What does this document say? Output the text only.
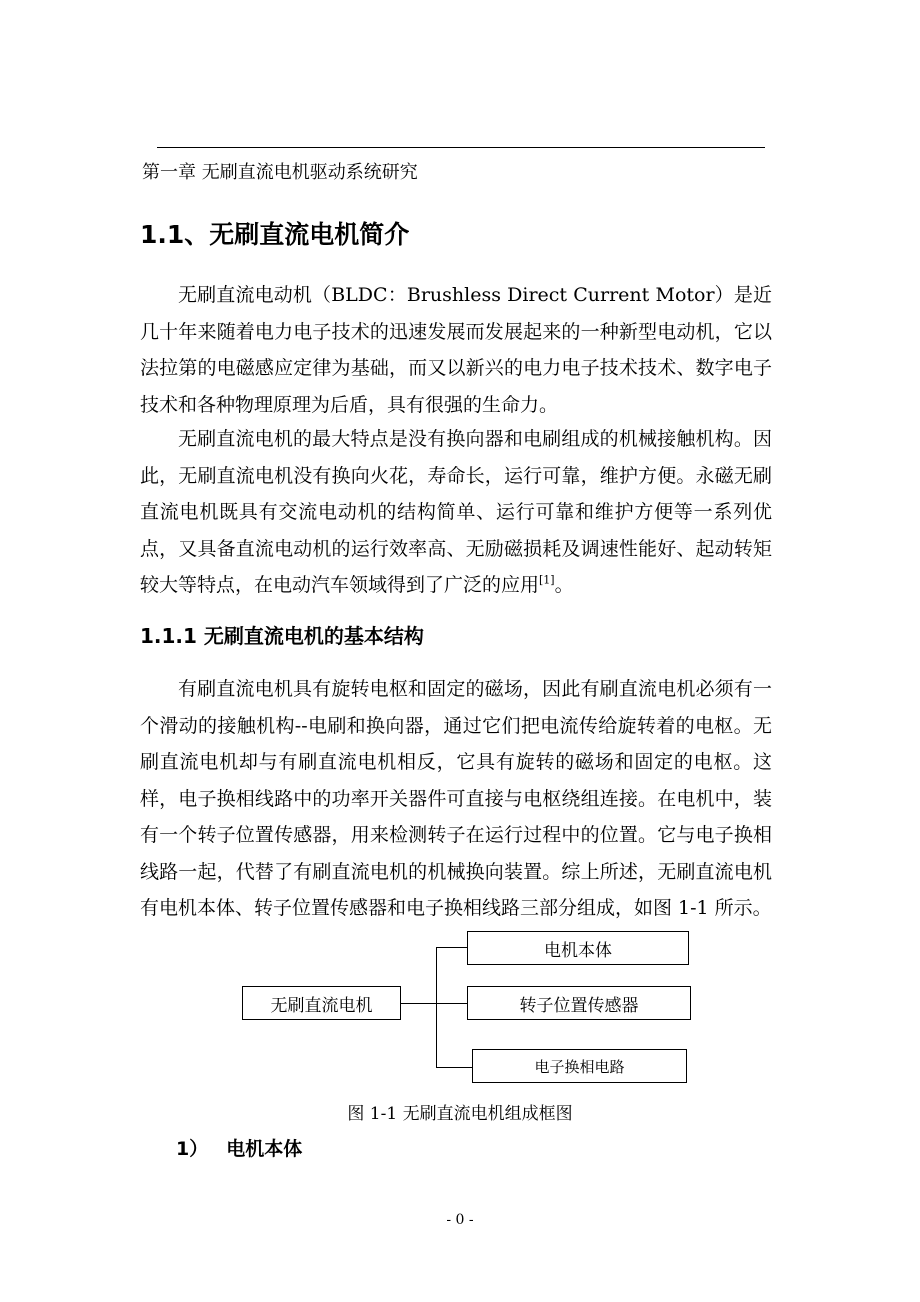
第一章 无刷直流电机驱动系统研究
1.1、无刷直流电机简介

无刷直流电动机（BLDC：Brushless Direct Current Motor）是近几十年来随着电力电子技术的迅速发展而发展起来的一种新型电动机，它以法拉第的电磁感应定律为基础，而又以新兴的电力电子技术技术、数字电子技术和各种物理原理为后盾，具有很强的生命力。

无刷直流电机的最大特点是没有换向器和电刷组成的机械接触机构。因此，无刷直流电机没有换向火花，寿命长，运行可靠，维护方便。永磁无刷直流电机既具有交流电动机的结构简单、运行可靠和维护方便等一系列优点，又具备直流电动机的运行效率高、无励磁损耗及调速性能好、起动转矩较大等特点，在电动汽车领域得到了广泛的应用[1]。

1.1.1 无刷直流电机的基本结构

有刷直流电机具有旋转电枢和固定的磁场，因此有刷直流电机必须有一个滑动的接触机构--电刷和换向器，通过它们把电流传给旋转着的电枢。无刷直流电机却与有刷直流电机相反，它具有旋转的磁场和固定的电枢。这样，电子换相线路中的功率开关器件可直接与电枢绕组连接。在电机中，装有一个转子位置传感器，用来检测转子在运行过程中的位置。它与电子换相线路一起，代替了有刷直流电机的机械换向装置。综上所述，无刷直流电机有电机本体、转子位置传感器和电子换相线路三部分组成，如图 1-1 所示。

无刷直流电机
电机本体
转子位置传感器
电子换相电路
图 1-1 无刷直流电机组成框图
1） 电机本体
- 0 -
